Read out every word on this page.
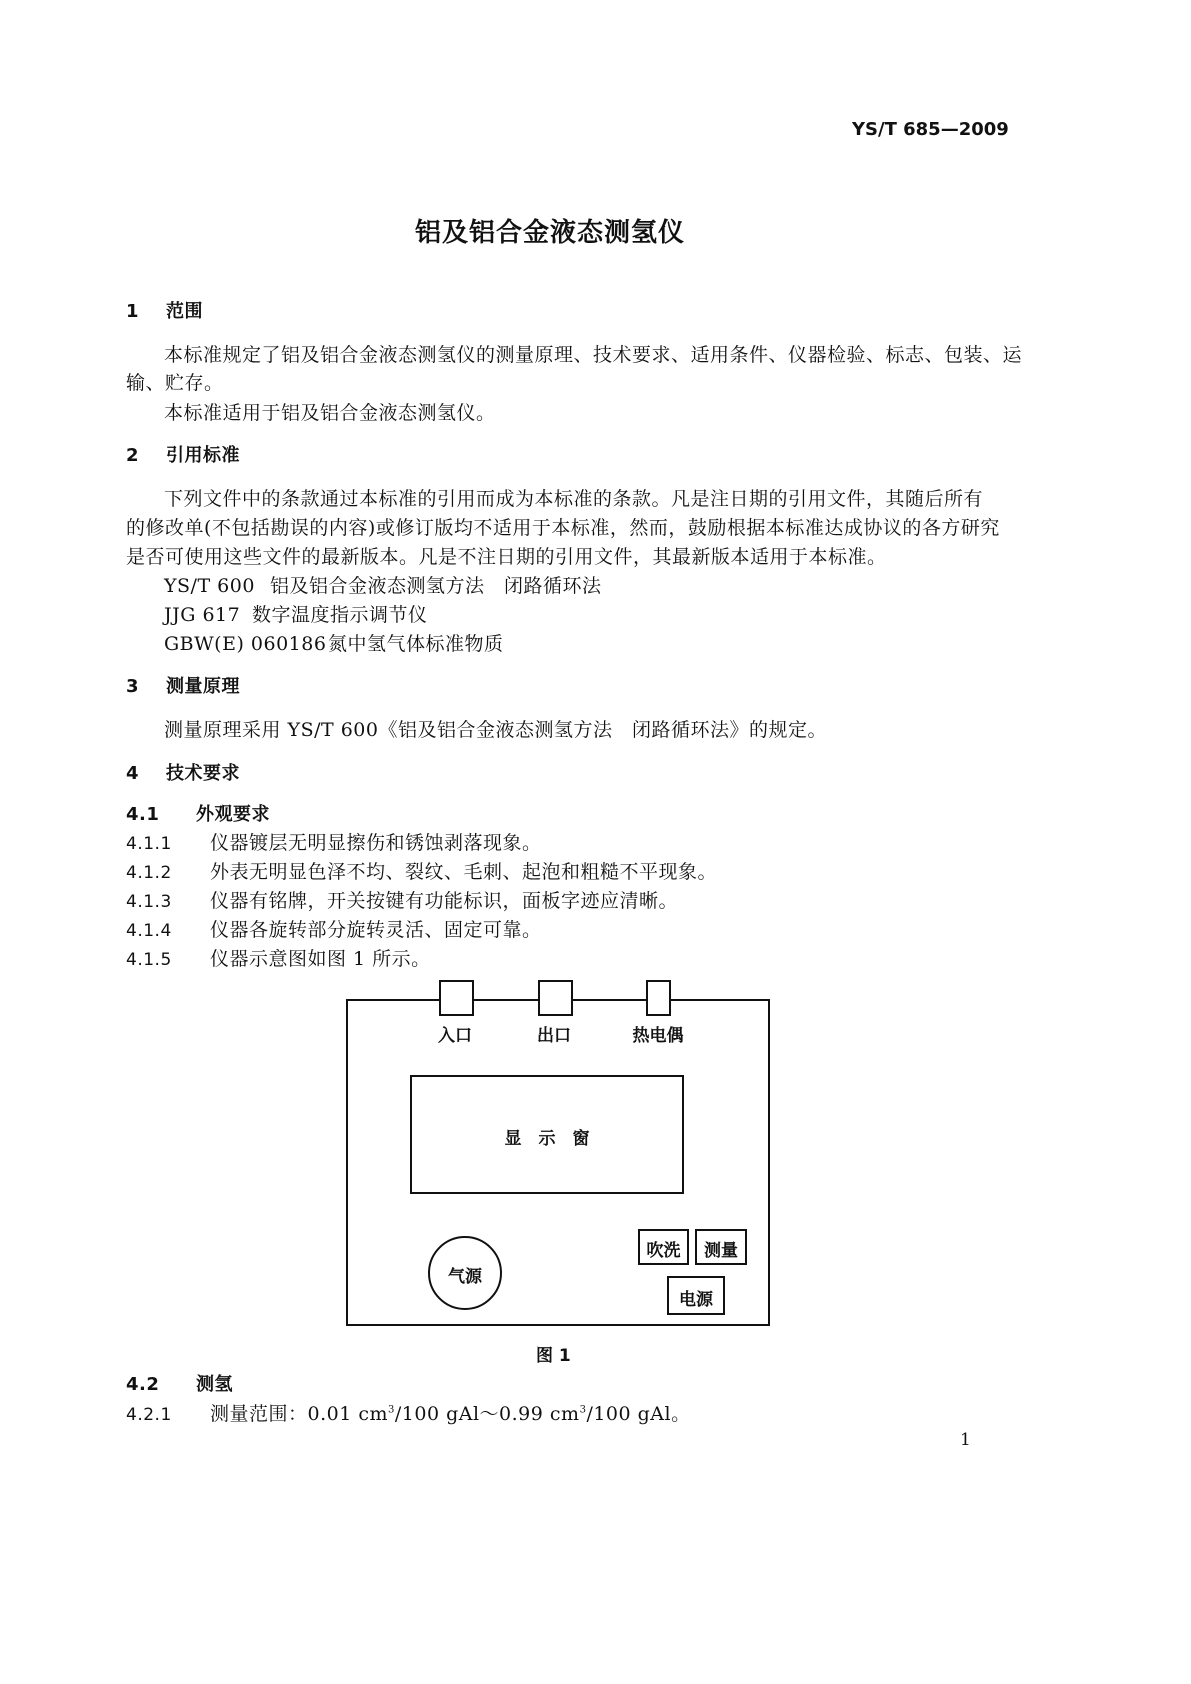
YS/T 685—2009
铝及铝合金液态测氢仪
1 范围
本标准规定了铝及铝合金液态测氢仪的测量原理、技术要求、适用条件、仪器检验、标志、包装、运
输、贮存。
本标准适用于铝及铝合金液态测氢仪。
2 引用标准
下列文件中的条款通过本标准的引用而成为本标准的条款。凡是注日期的引用文件，其随后所有
的修改单(不包括勘误的内容)或修订版均不适用于本标准，然而，鼓励根据本标准达成协议的各方研究
是否可使用这些文件的最新版本。凡是不注日期的引用文件，其最新版本适用于本标准。
YS/T 600 铝及铝合金液态测氢方法　闭路循环法
JJG 617 数字温度指示调节仪
GBW(E) 060186氮中氢气体标准物质
3 测量原理
测量原理采用 YS/T 600《铝及铝合金液态测氢方法　闭路循环法》的规定。
4 技术要求
4.1 外观要求
4.1.1 仪器镀层无明显擦伤和锈蚀剥落现象。
4.1.2 外表无明显色泽不均、裂纹、毛刺、起泡和粗糙不平现象。
4.1.3 仪器有铭牌，开关按键有功能标识，面板字迹应清晰。
4.1.4 仪器各旋转部分旋转灵活、固定可靠。
4.1.5 仪器示意图如图 1 所示。
入口	出口	热电偶
显　示　窗
气源
吹洗	测量
电源
图 1
4.2 测氢
4.2.1 测量范围：0.01 $cm^3/100$ gAl～0.99 $cm^3/100$ gAl。
1
